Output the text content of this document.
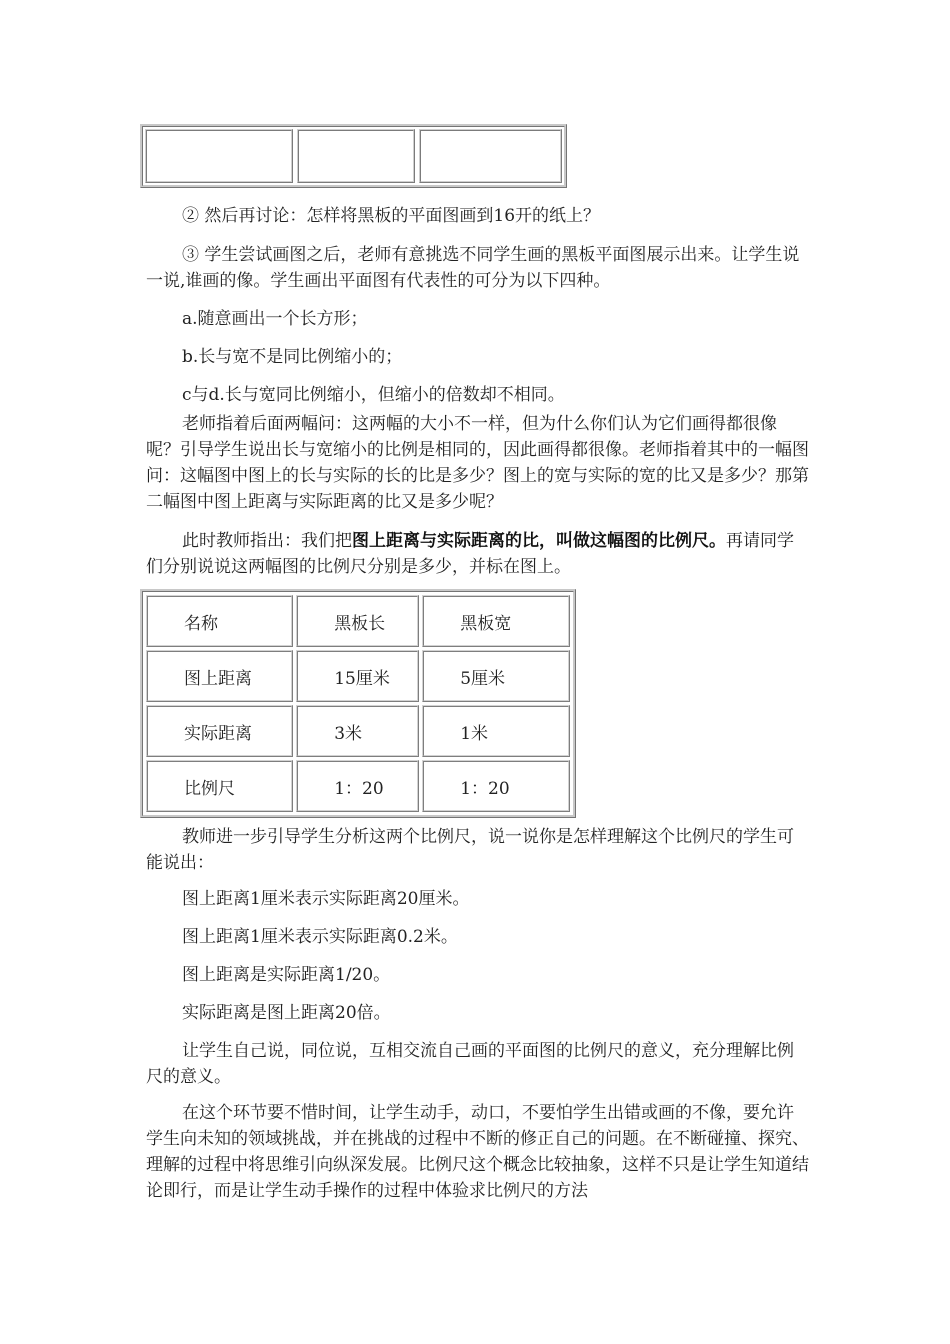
② 然后再讨论：怎样将黑板的平面图画到16开的纸上？

③ 学生尝试画图之后，老师有意挑选不同学生画的黑板平面图展示出来。让学生说一说,谁画的像。学生画出平面图有代表性的可分为以下四种。

a.随意画出一个长方形；

b.长与宽不是同比例缩小的；

c与d.长与宽同比例缩小，但缩小的倍数却不相同。

老师指着后面两幅问：这两幅的大小不一样，但为什么你们认为它们画得都很像呢？引导学生说出长与宽缩小的比例是相同的，因此画得都很像。老师指着其中的一幅图问：这幅图中图上的长与实际的长的比是多少？图上的宽与实际的宽的比又是多少？那第二幅图中图上距离与实际距离的比又是多少呢？

此时教师指出：我们把图上距离与实际距离的比，叫做这幅图的比例尺。再请同学们分别说说这两幅图的比例尺分别是多少，并标在图上。

名称	黑板长	黑板宽
图上距离	15厘米	5厘米
实际距离	3米	1米
比例尺	1：20	1：20

教师进一步引导学生分析这两个比例尺，说一说你是怎样理解这个比例尺的学生可能说出：

图上距离1厘米表示实际距离20厘米。

图上距离1厘米表示实际距离0.2米。

图上距离是实际距离1/20。

实际距离是图上距离20倍。

让学生自己说，同位说，互相交流自己画的平面图的比例尺的意义，充分理解比例尺的意义。

在这个环节要不惜时间，让学生动手，动口，不要怕学生出错或画的不像，要允许学生向未知的领域挑战，并在挑战的过程中不断的修正自己的问题。在不断碰撞、探究、理解的过程中将思维引向纵深发展。比例尺这个概念比较抽象，这样不只是让学生知道结论即行，而是让学生动手操作的过程中体验求比例尺的方法
